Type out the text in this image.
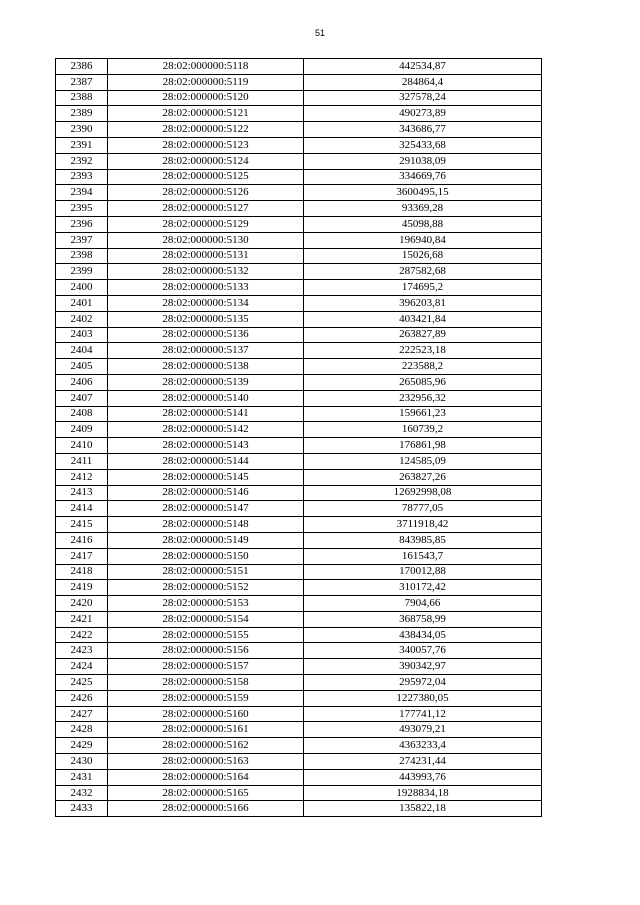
51
2386	28:02:000000:5118	442534,87
2387	28:02:000000:5119	284864,4
2388	28:02:000000:5120	327578,24
2389	28:02:000000:5121	490273,89
2390	28:02:000000:5122	343686,77
2391	28:02:000000:5123	325433,68
2392	28:02:000000:5124	291038,09
2393	28:02:000000:5125	334669,76
2394	28:02:000000:5126	3600495,15
2395	28:02:000000:5127	93369,28
2396	28:02:000000:5129	45098,88
2397	28:02:000000:5130	196940,84
2398	28:02:000000:5131	15026,68
2399	28:02:000000:5132	287582,68
2400	28:02:000000:5133	174695,2
2401	28:02:000000:5134	396203,81
2402	28:02:000000:5135	403421,84
2403	28:02:000000:5136	263827,89
2404	28:02:000000:5137	222523,18
2405	28:02:000000:5138	223588,2
2406	28:02:000000:5139	265085,96
2407	28:02:000000:5140	232956,32
2408	28:02:000000:5141	159661,23
2409	28:02:000000:5142	160739,2
2410	28:02:000000:5143	176861,98
2411	28:02:000000:5144	124585,09
2412	28:02:000000:5145	263827,26
2413	28:02:000000:5146	12692998,08
2414	28:02:000000:5147	78777,05
2415	28:02:000000:5148	3711918,42
2416	28:02:000000:5149	843985,85
2417	28:02:000000:5150	161543,7
2418	28:02:000000:5151	170012,88
2419	28:02:000000:5152	310172,42
2420	28:02:000000:5153	7904,66
2421	28:02:000000:5154	368758,99
2422	28:02:000000:5155	438434,05
2423	28:02:000000:5156	340057,76
2424	28:02:000000:5157	390342,97
2425	28:02:000000:5158	295972,04
2426	28:02:000000:5159	1227380,05
2427	28:02:000000:5160	177741,12
2428	28:02:000000:5161	493079,21
2429	28:02:000000:5162	4363233,4
2430	28:02:000000:5163	274231,44
2431	28:02:000000:5164	443993,76
2432	28:02:000000:5165	1928834,18
2433	28:02:000000:5166	135822,18
